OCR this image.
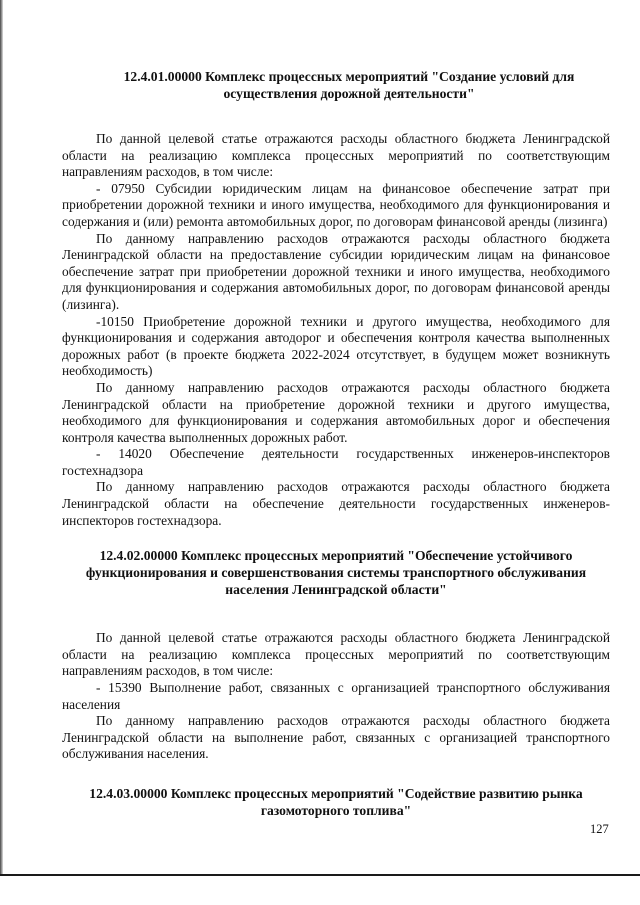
12.4.01.00000 Комплекс процессных мероприятий "Создание условий для осуществления дорожной деятельности"

По данной целевой статье отражаются расходы областного бюджета Ленинградской области на реализацию комплекса процессных мероприятий по соответствующим направлениям расходов, в том числе:

- 07950 Субсидии юридическим лицам на финансовое обеспечение затрат при приобретении дорожной техники и иного имущества, необходимого для функционирования и содержания и (или) ремонта автомобильных дорог, по договорам финансовой аренды (лизинга)

По данному направлению расходов отражаются расходы областного бюджета Ленинградской области на предоставление субсидии юридическим лицам на финансовое обеспечение затрат при приобретении дорожной техники и иного имущества, необходимого для функционирования и содержания автомобильных дорог, по договорам финансовой аренды (лизинга).

-10150 Приобретение дорожной техники и другого имущества, необходимого для функционирования и содержания автодорог и обеспечения контроля качества выполненных дорожных работ (в проекте бюджета 2022-2024 отсутствует, в будущем может возникнуть необходимость)

По данному направлению расходов отражаются расходы областного бюджета Ленинградской области на приобретение дорожной техники и другого имущества, необходимого для функционирования и содержания автомобильных дорог и обеспечения контроля качества выполненных дорожных работ.

- 14020 Обеспечение деятельности государственных инженеров-инспекторов гостехнадзора

По данному направлению расходов отражаются расходы областного бюджета Ленинградской области на обеспечение деятельности государственных инженеров-инспекторов гостехнадзора.

12.4.02.00000 Комплекс процессных мероприятий "Обеспечение устойчивого функционирования и совершенствования системы транспортного обслуживания населения Ленинградской области"

По данной целевой статье отражаются расходы областного бюджета Ленинградской области на реализацию комплекса процессных мероприятий по соответствующим направлениям расходов, в том числе:

- 15390 Выполнение работ, связанных с организацией транспортного обслуживания населения

По данному направлению расходов отражаются расходы областного бюджета Ленинградской области на выполнение работ, связанных с организацией транспортного обслуживания населения.

12.4.03.00000 Комплекс процессных мероприятий "Содействие развитию рынка газомоторного топлива"
127
